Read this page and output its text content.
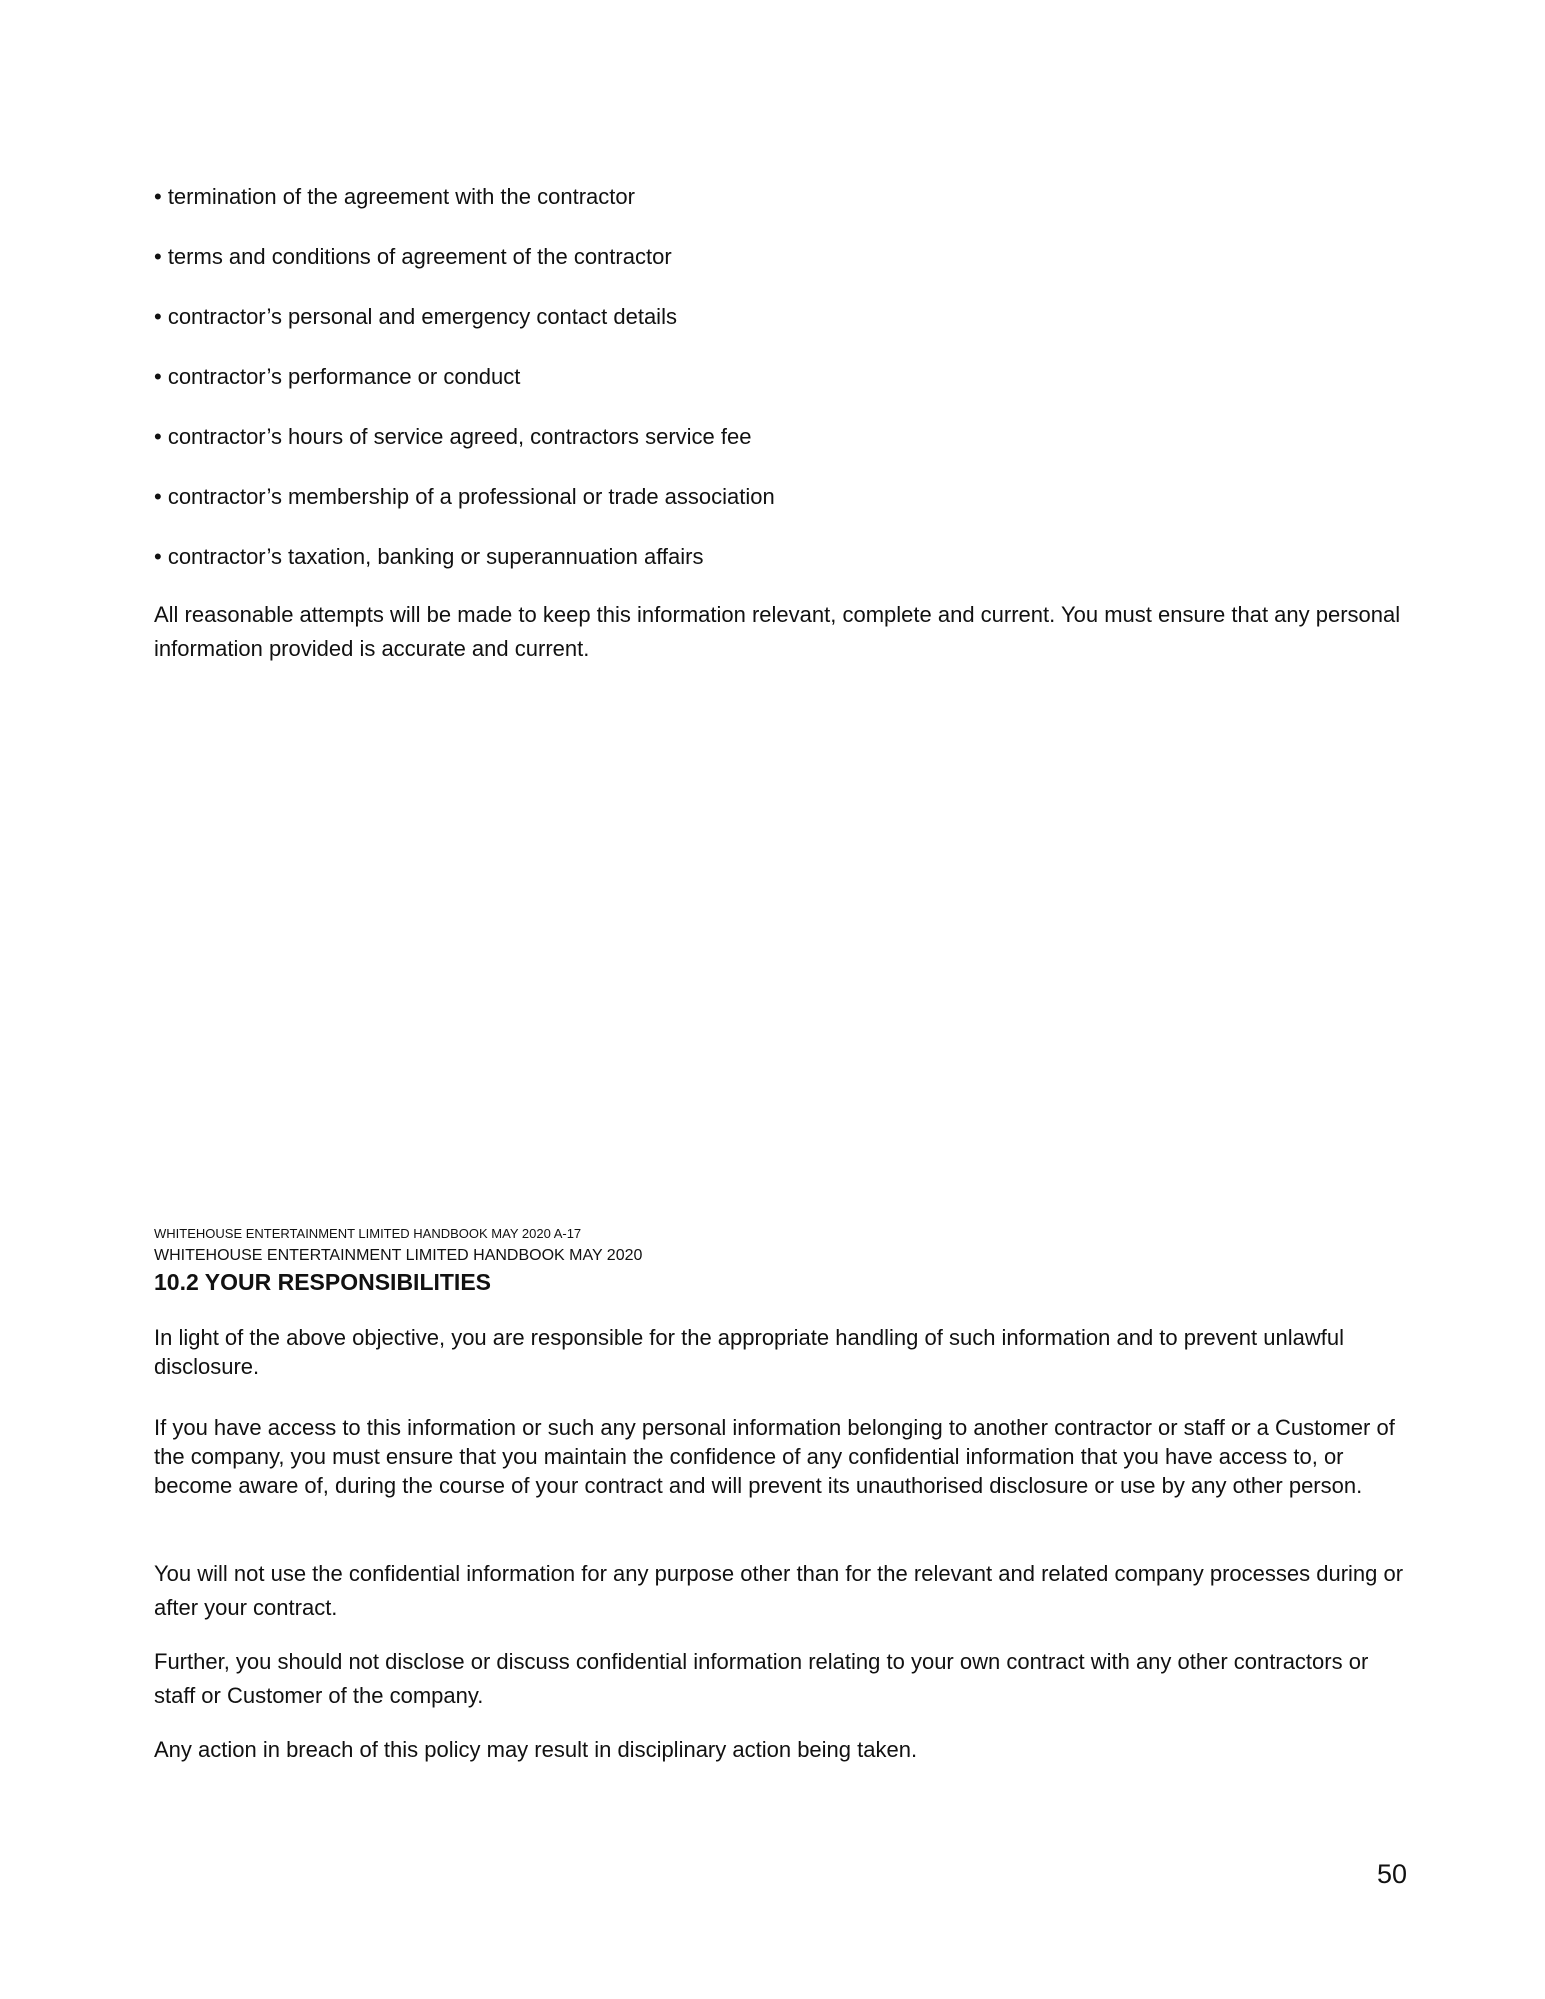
• termination of the agreement with the contractor
• terms and conditions of agreement of the contractor
• contractor’s personal and emergency contact details
• contractor’s performance or conduct
• contractor’s hours of service agreed, contractors service fee
• contractor’s membership of a professional or trade association
• contractor’s taxation, banking or superannuation affairs

All reasonable attempts will be made to keep this information relevant, complete and current. You must ensure that any personal information provided is accurate and current.

WHITEHOUSE ENTERTAINMENT LIMITED HANDBOOK MAY 2020 A-17

WHITEHOUSE ENTERTAINMENT LIMITED HANDBOOK MAY 2020

10.2 YOUR RESPONSIBILITIES

In light of the above objective, you are responsible for the appropriate handling of such information and to prevent unlawful disclosure.

If you have access to this information or such any personal information belonging to another contractor or staff or a Customer of the company, you must ensure that you maintain the confidence of any confidential information that you have access to, or become aware of, during the course of your contract and will prevent its unauthorised disclosure or use by any other person.

You will not use the confidential information for any purpose other than for the relevant and related company processes during or after your contract.

Further, you should not disclose or discuss confidential information relating to your own contract with any other contractors or staff or Customer of the company.

Any action in breach of this policy may result in disciplinary action being taken.

50
